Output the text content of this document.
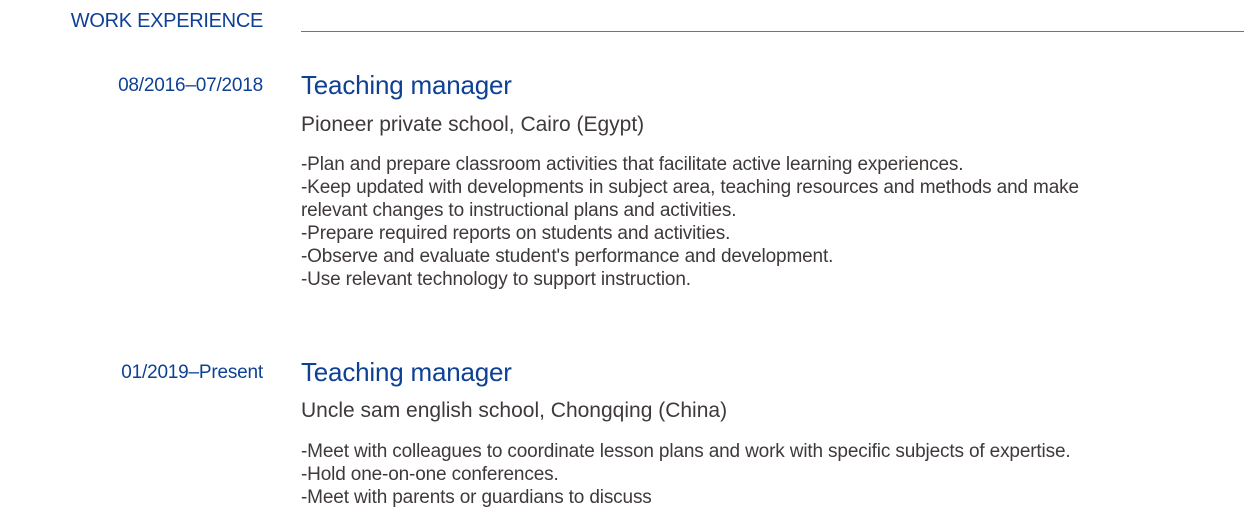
WORK EXPERIENCE
08/2016–07/2018 Teaching manager
Pioneer private school, Cairo (Egypt)
-Plan and prepare classroom activities that facilitate active learning experiences.
-Keep updated with developments in subject area, teaching resources and methods and make
relevant changes to instructional plans and activities.
-Prepare required reports on students and activities.
-Observe and evaluate student's performance and development.
-Use relevant technology to support instruction.
01/2019–Present Teaching manager
Uncle sam english school, Chongqing (China)
-Meet with colleagues to coordinate lesson plans and work with specific subjects of expertise.
-Hold one-on-one conferences.
-Meet with parents or guardians to discuss
